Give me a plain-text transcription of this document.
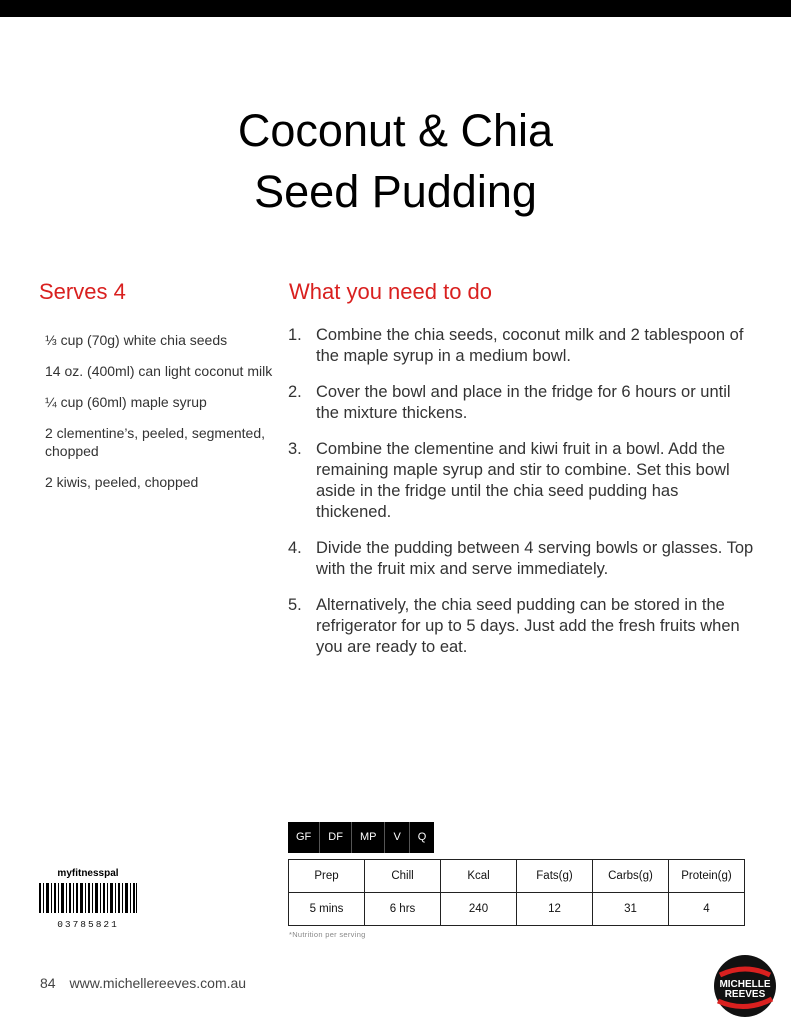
Coconut & Chia
Seed Pudding
Serves 4	What you need to do
⅓ cup (70g) white chia seeds
14 oz. (400ml) can light coconut milk
¼ cup (60ml) maple syrup
2 clementine’s, peeled, segmented, chopped
2 kiwis, peeled, chopped
1. Combine the chia seeds, coconut milk and 2 tablespoon of the maple syrup in a medium bowl.
2. Cover the bowl and place in the fridge for 6 hours or until the mixture thickens.
3. Combine the clementine and kiwi fruit in a bowl. Add the remaining maple syrup and stir to combine. Set this bowl aside in the fridge until the chia seed pudding has thickened.
4. Divide the pudding between 4 serving bowls or glasses. Top with the fruit mix and serve immediately.
5. Alternatively, the chia seed pudding can be stored in the refrigerator for up to 5 days. Just add the fresh fruits when you are ready to eat.
GF	DF	MP	V	Q
Prep	Chill	Kcal	Fats(g)	Carbs(g)	Protein(g)
5 mins	6 hrs	240	12	31	4
*Nutrition per serving
myfitnesspal
03785821
84 www.michellereeves.com.au	MICHELLE
REEVES
